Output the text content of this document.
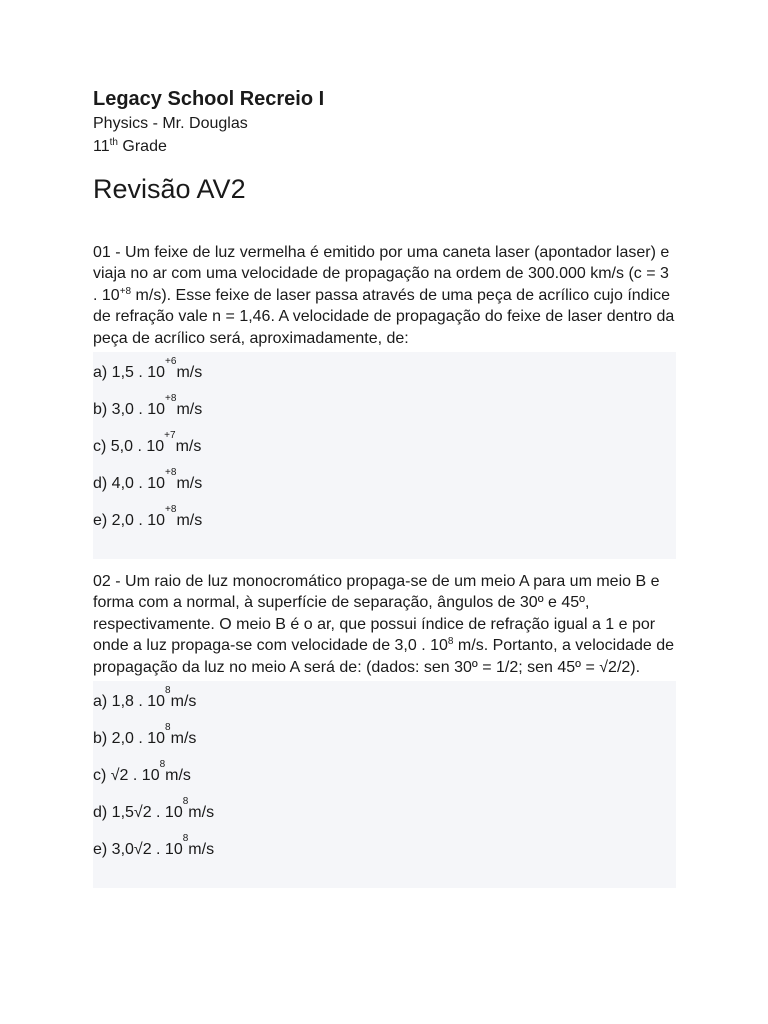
Legacy School Recreio I

Physics - Mr. Douglas

11th Grade

Revisão AV2

01 - Um feixe de luz vermelha é emitido por uma caneta laser (apontador laser) e viaja no ar com uma velocidade de propagação na ordem de 300.000 km/s (c = 3 . $10^{+8}$ m/s). Esse feixe de laser passa através de uma peça de acrílico cujo índice de refração vale n = 1,46. A velocidade de propagação do feixe de laser dentro da peça de acrílico será, aproximadamente, de:

a) 1,5 . 10
+6
m/s
b) 3,0 . 10
+8
m/s
c) 5,0 . 10
+7
m/s
d) 4,0 . 10
+8
m/s
e) 2,0 . 10
+8
m/s

02 - Um raio de luz monocromático propaga-se de um meio A para um meio B e forma com a normal, à superfície de separação, ângulos de 30º e 45º, respectivamente. O meio B é o ar, que possui índice de refração igual a 1 e por onde a luz propaga-se com velocidade de 3,0 . $10^8$ m/s. Portanto, a velocidade de propagação da luz no meio A será de: (dados: sen 30º = 1/2; sen 45º = √2/2).

a) 1,8 . 10
8
m/s
b) 2,0 . 10
8
m/s
c) √2 . 10
8
m/s
d) 1,5√2 . 10
8
m/s
e) 3,0√2 . 10
8
m/s
